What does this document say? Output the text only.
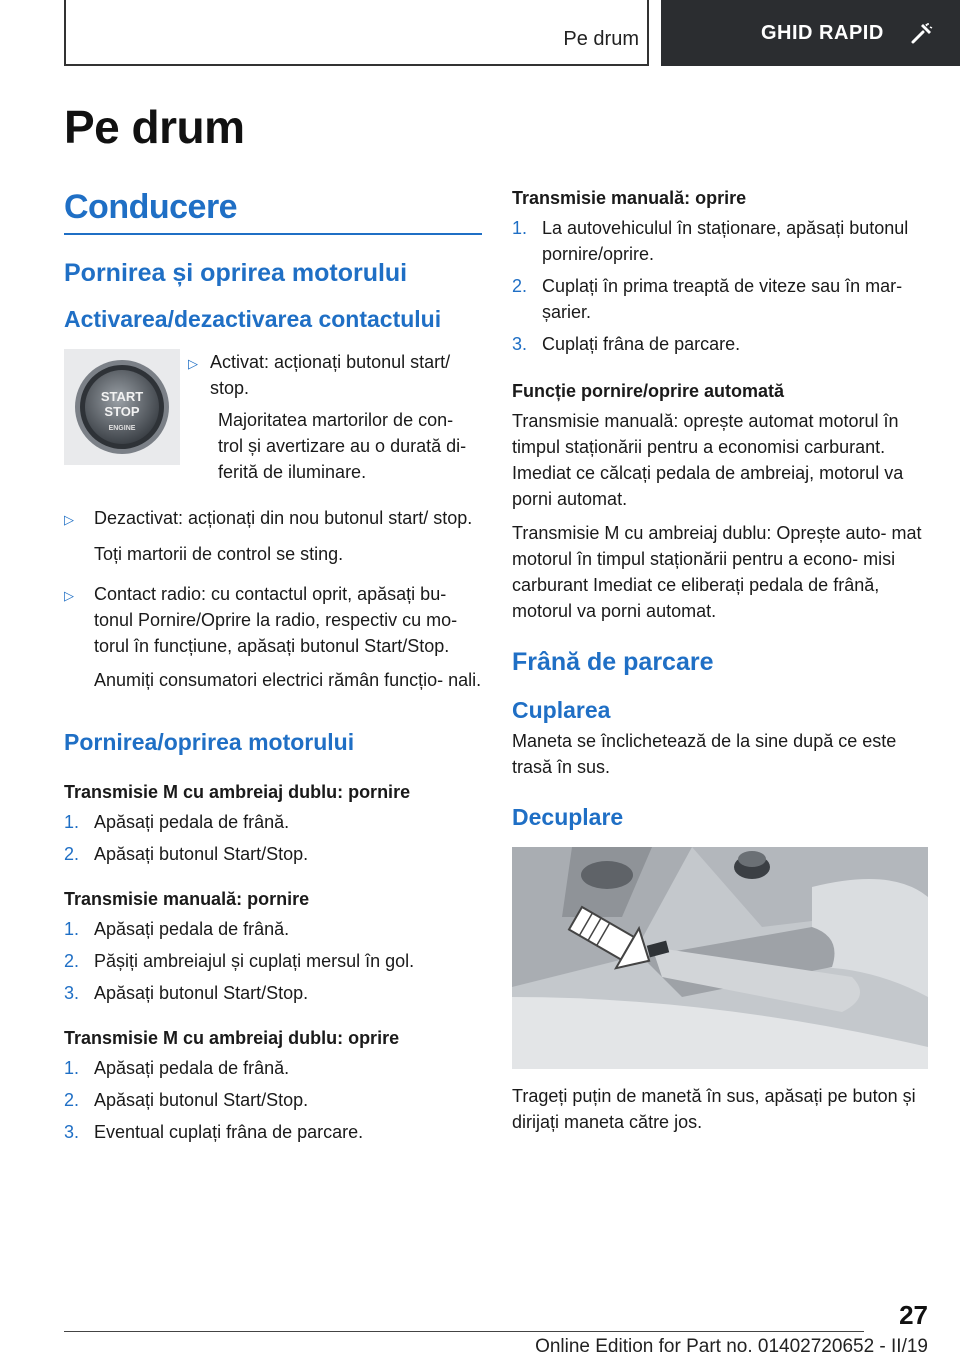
Pe drum	GHID RAPID
Pe drum
Conducere
Pornirea și oprirea motorului
Activarea/dezactivarea contactului
START
STOP
ENGINE
▷ Activat: acționați butonul start/ stop.
Majoritatea martorilor de con- trol și avertizare au o durată di- ferită de iluminare.
▷	Dezactivat: acționați din nou butonul start/ stop.
Toți martorii de control se sting.
▷	Contact radio: cu contactul oprit, apăsați bu- tonul Pornire/Oprire la radio, respectiv cu mo- torul în funcțiune, apăsați butonul Start/Stop.
Anumiți consumatori electrici rămân funcțio- nali.
Pornirea/oprirea motorului
Transmisie M cu ambreiaj dublu: pornire
1. Apăsați pedala de frână.
2. Apăsați butonul Start/Stop.
Transmisie manuală: pornire
1. Apăsați pedala de frână.
2. Pășiți ambreiajul și cuplați mersul în gol.
3. Apăsați butonul Start/Stop.
Transmisie M cu ambreiaj dublu: oprire
1. Apăsați pedala de frână.
2. Apăsați butonul Start/Stop.
3. Eventual cuplați frâna de parcare.
Transmisie manuală: oprire
1. La autovehiculul în staționare, apăsați butonul pornire/oprire.
2. Cuplați în prima treaptă de viteze sau în mar- șarier.
3. Cuplați frâna de parcare.
Funcție pornire/oprire automată
Transmisie manuală: oprește automat motorul în timpul staționării pentru a economisi carburant. Imediat ce călcați pedala de ambreiaj, motorul va porni automat.
Transmisie M cu ambreiaj dublu: Oprește auto- mat motorul în timpul staționării pentru a econo- misi carburant Imediat ce eliberați pedala de frână, motorul va porni automat.
Frână de parcare
Cuplarea
Maneta se înclichetează de la sine după ce este trasă în sus.
Decuplare
Trageți puțin de manetă în sus, apăsați pe buton și dirijați maneta către jos.
27
Online Edition for Part no. 01402720652 - II/19
